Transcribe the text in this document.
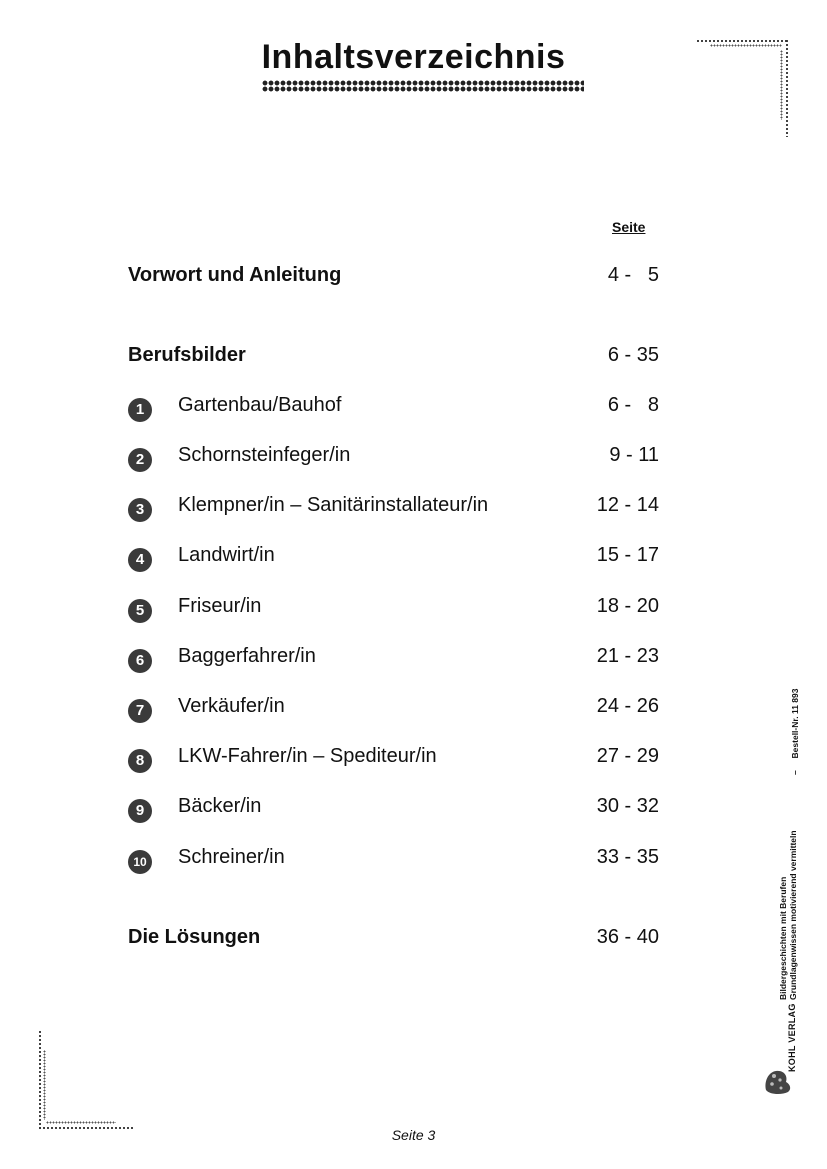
Inhaltsverzeichnis
Seite
Vorwort und Anleitung	4 -   5
Berufsbilder	6 - 35
1	Gartenbau/Bauhof	6 -   8
2	Schornsteinfeger/in	9 - 11
3	Klempner/in – Sanitärinstallateur/in	12 - 14
4	Landwirt/in	15 - 17
5	Friseur/in	18 - 20
6	Baggerfahrer/in	21 - 23
7	Verkäufer/in	24 - 26
8	LKW-Fahrer/in – Spediteur/in	27 - 29
9	Bäcker/in	30 - 32
10 Schreiner/in	33 - 35
Die Lösungen	36 - 40	Bildergeschichten mit Berufen Grundlagenwissen motivierend vermitteln
–     Bestell-Nr. 11 893
KOHL VERLAG
Seite 3
